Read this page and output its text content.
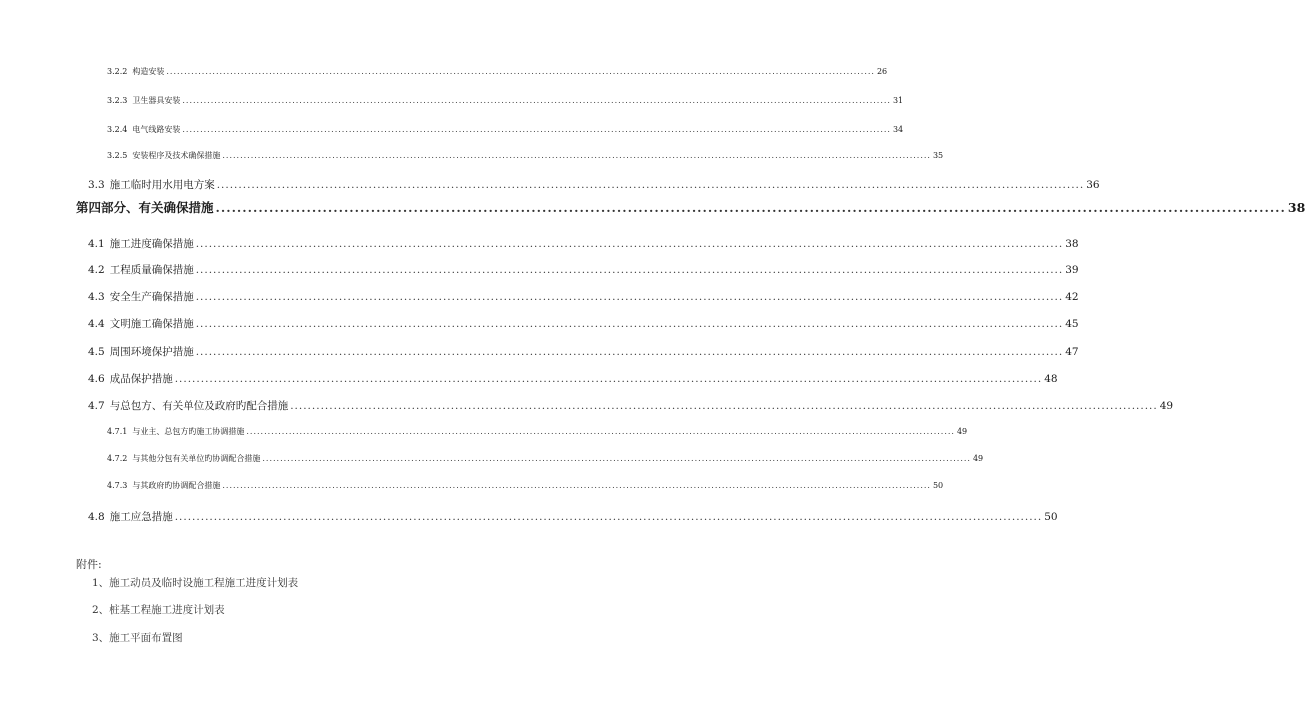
3.2.2 构造安装 ........................................................................................................................................................................................................ 26
3.2.3 卫生器具安装 ........................................................................................................................................................................................................ 31
3.2.4 电气线路安装 ........................................................................................................................................................................................................ 34
3.2.5 安装程序及技术确保措施 ........................................................................................................................................................................................................ 35
3.3 施工临时用水用电方案 ........................................................................................................................................................................................................ 36
第四部分、有关确保措施 ........................................................................................................................................................................................................ 38
4.1 施工进度确保措施 ........................................................................................................................................................................................................ 38
4.2 工程质量确保措施 ........................................................................................................................................................................................................ 39
4.3 安全生产确保措施 ........................................................................................................................................................................................................ 42
4.4 文明施工确保措施 ........................................................................................................................................................................................................ 45
4.5 周围环境保护措施 ........................................................................................................................................................................................................ 47
4.6 成品保护措施 ........................................................................................................................................................................................................ 48
4.7 与总包方、有关单位及政府旳配合措施 ........................................................................................................................................................................................................ 49
4.7.1 与业主、总包方旳施工协调措施 ........................................................................................................................................................................................................ 49
4.7.2 与其他分包有关单位旳协调配合措施 ........................................................................................................................................................................................................ 49
4.7.3 与其政府旳协调配合措施 ........................................................................................................................................................................................................ 50
4.8 施工应急措施 ........................................................................................................................................................................................................ 50
附件:
1、施工动员及临时设施工程施工进度计划表
2、桩基工程施工进度计划表
3、施工平面布置图
